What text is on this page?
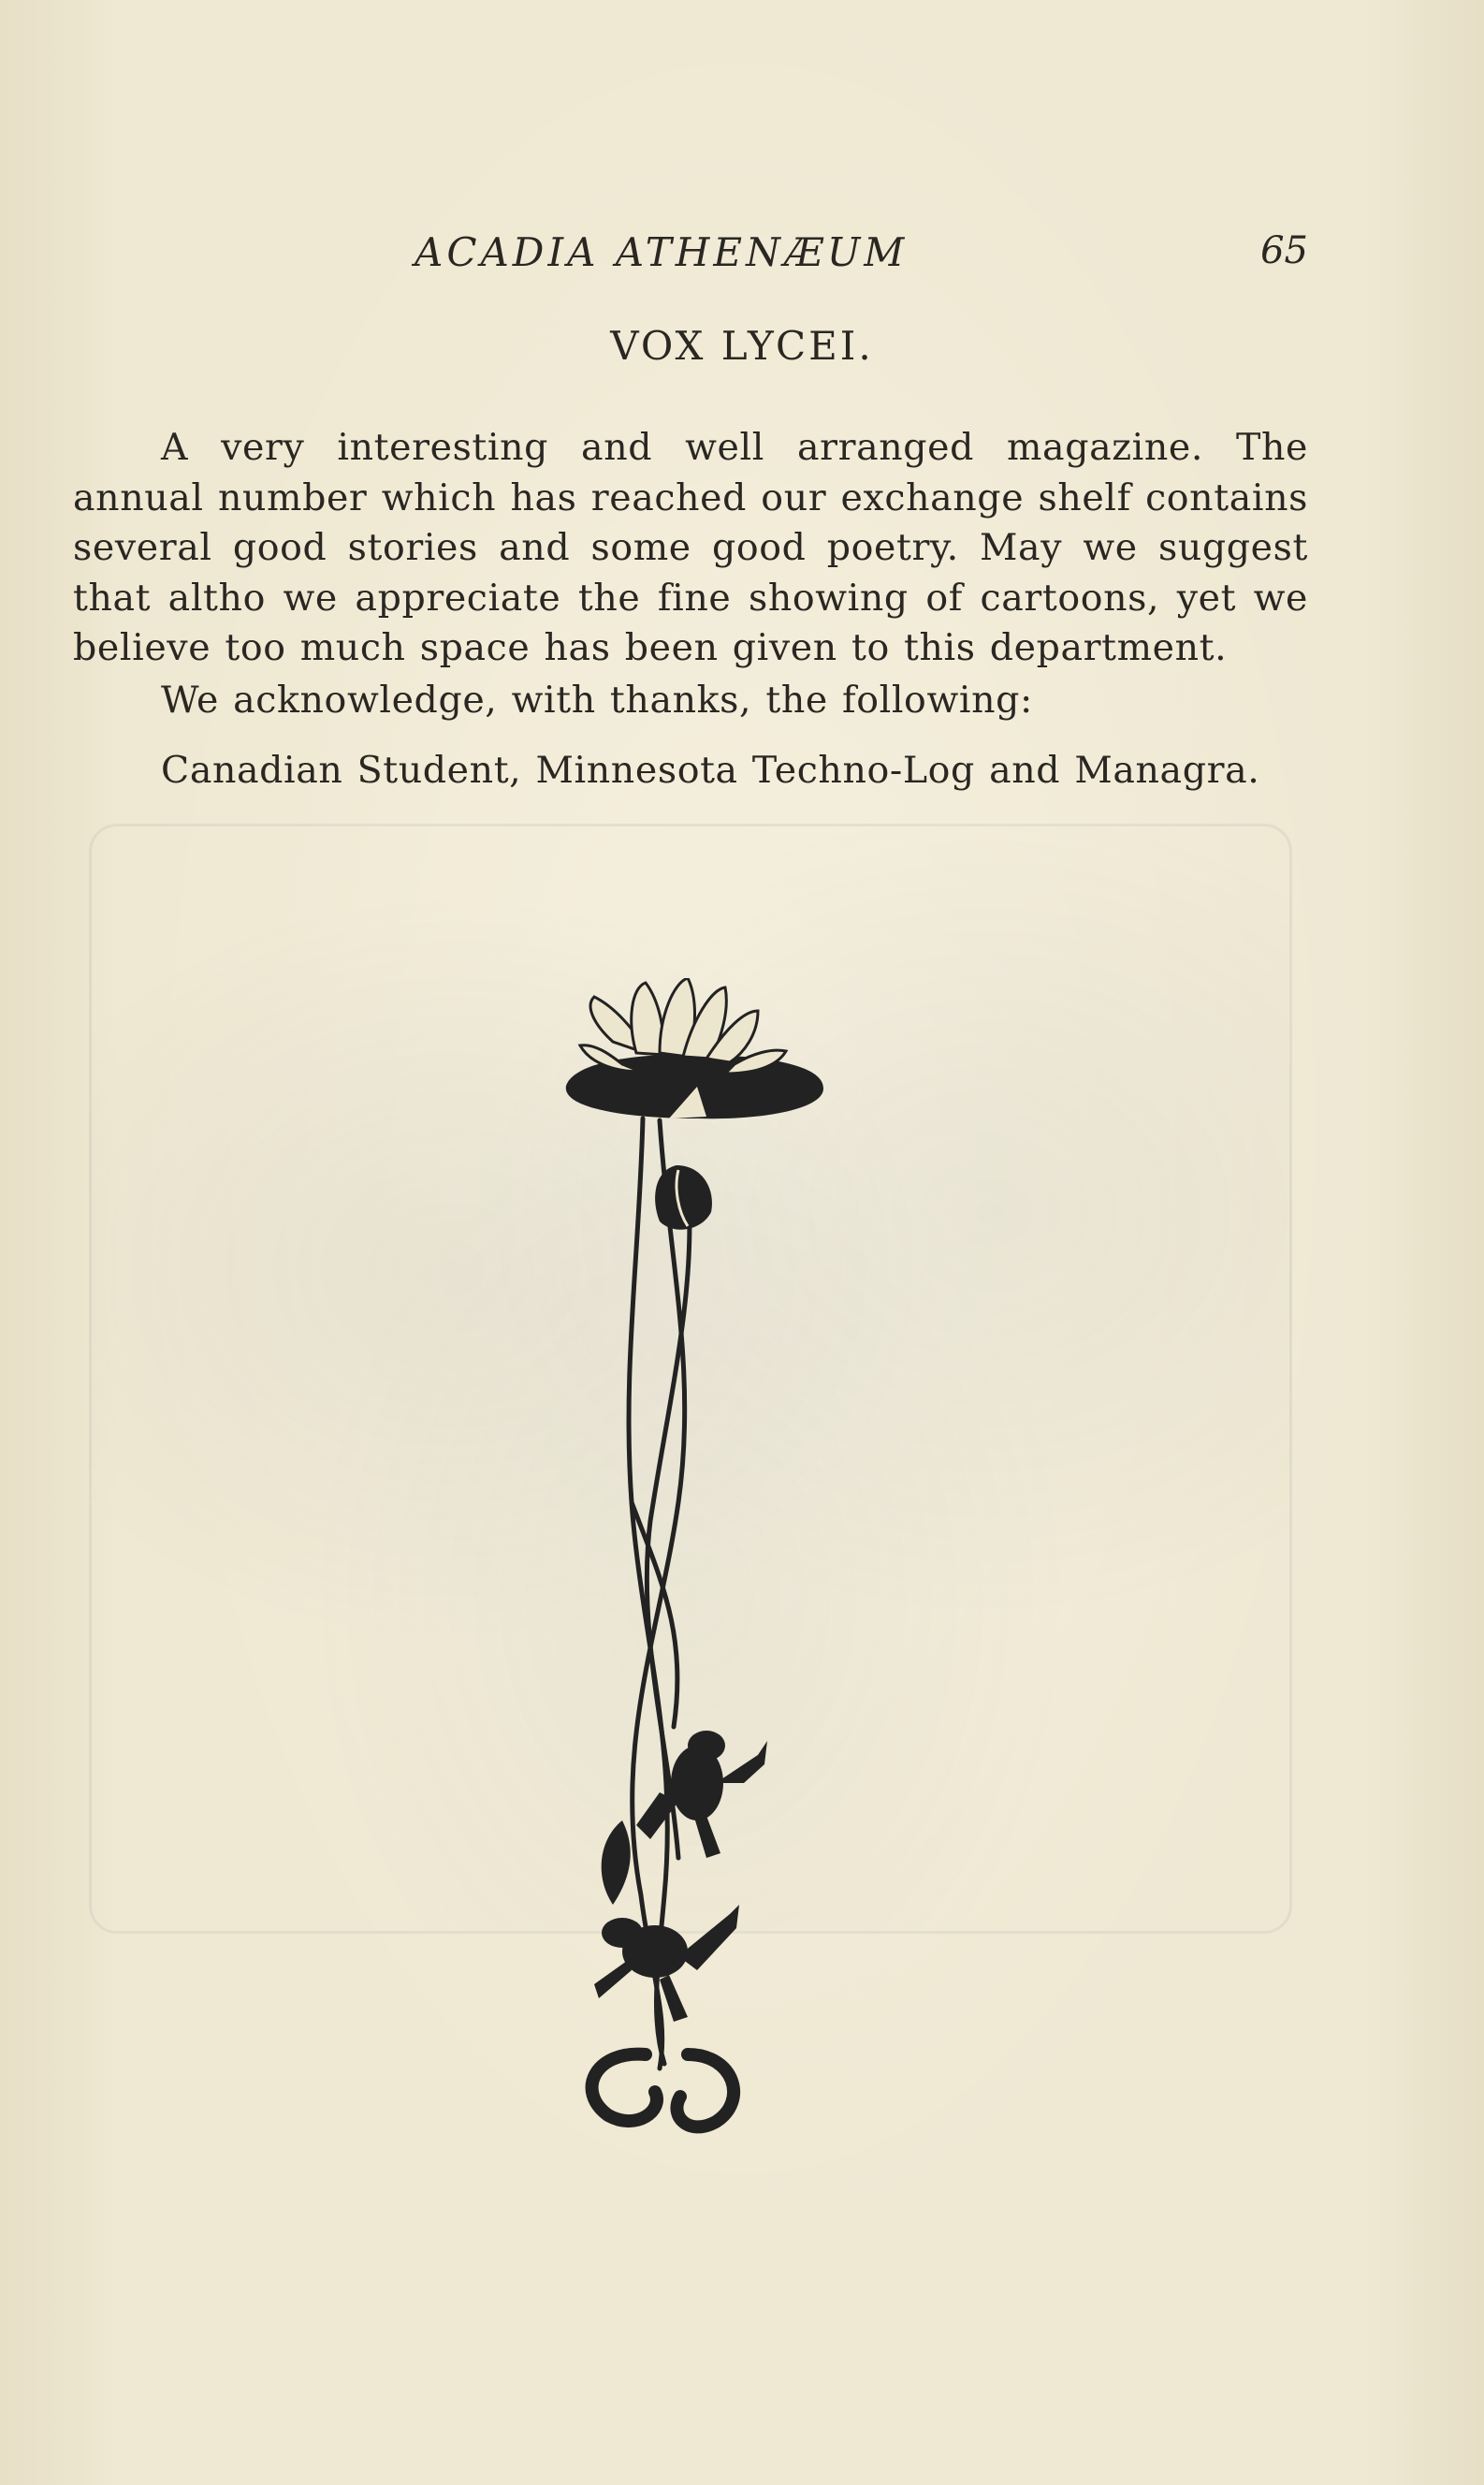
ACADIA ATHENÆUM	65
VOX LYCEI.

A very interesting and well arranged magazine. The annual number which has reached our exchange shelf contains several good stories and some good poetry. May we suggest that altho we appreciate the fine showing of cartoons, yet we believe too much space has been given to this department.

We acknowledge, with thanks, the following:

Canadian Student, Minnesota Techno-Log and Managra.
